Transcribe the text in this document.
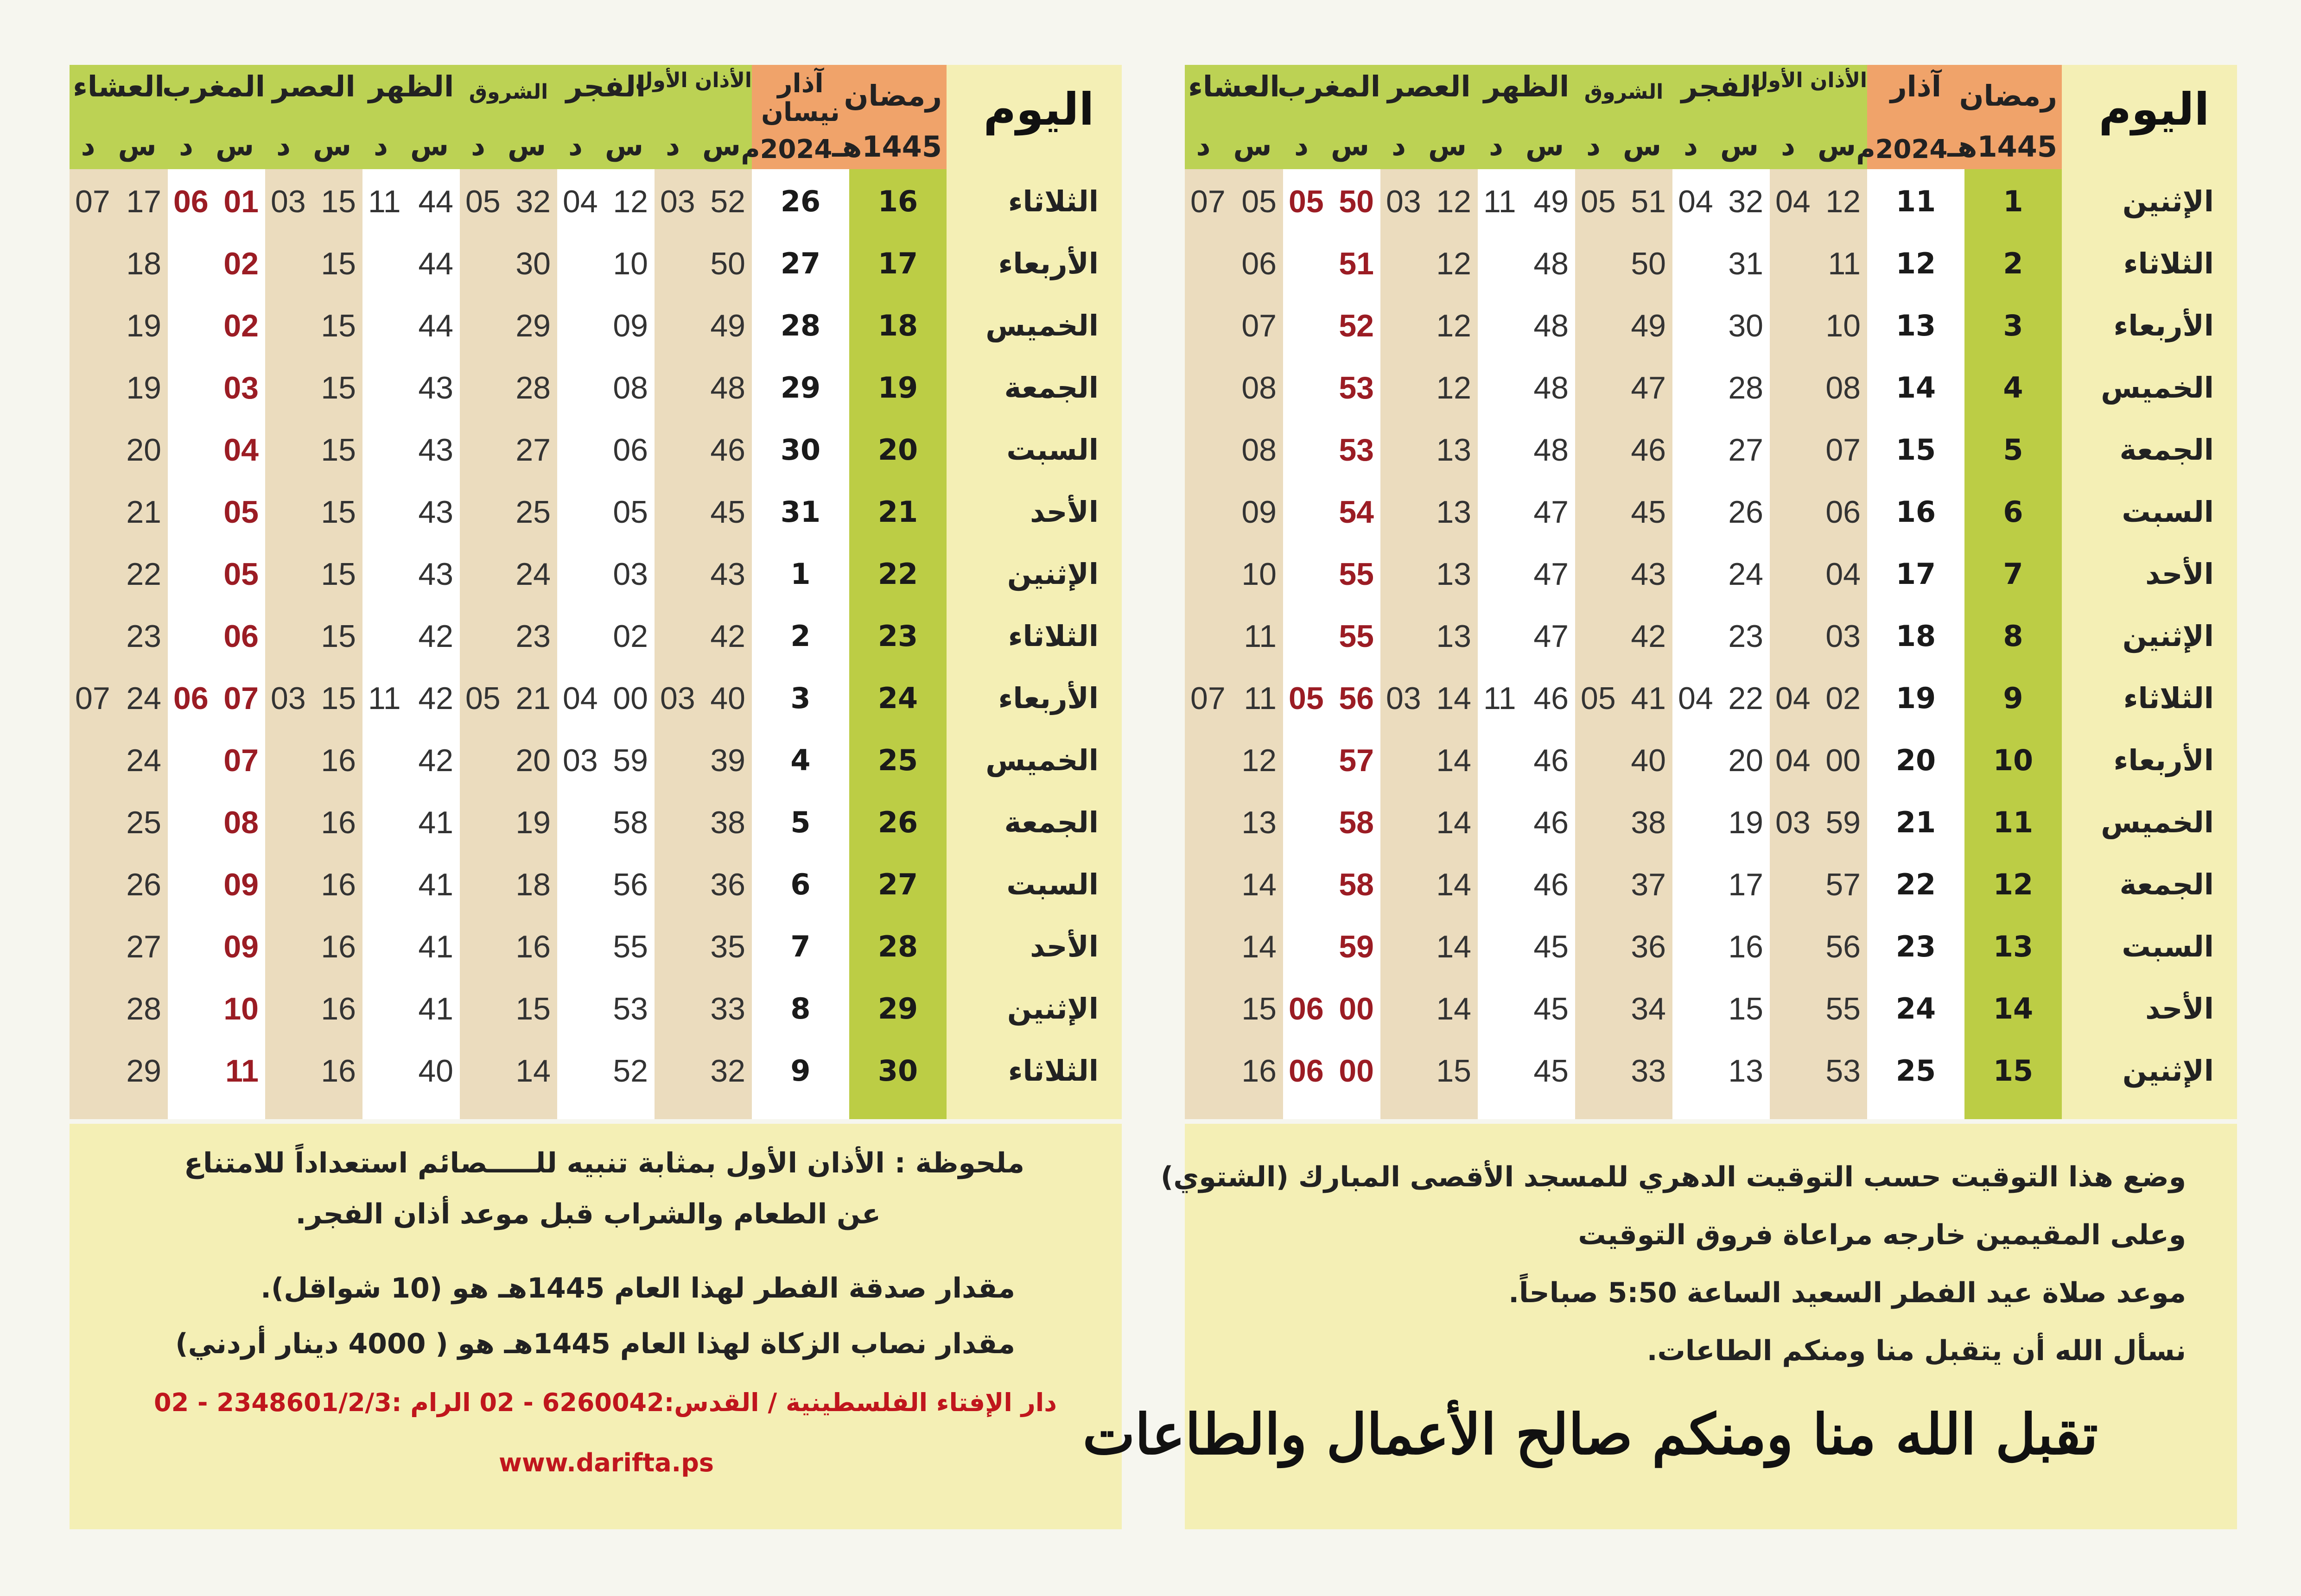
العشاء
د س
07 17
18
19
19
20
21
22
23
07 24
24
25
26
27
28
29
المغرب
د س
06 01
02
02
03
04
05
05
06
06 07
07
08
09
09
10
11
العصر
د س
03 15
15
15
15
15
15
15
15
03 15
16
16
16
16
16
16
الظهر
د س
11 44
44
44
43
43
43
43
42
11 42
42
41
41
41
41
40
الشروق
د س
05 32
30
29
28
27
25
24
23
05 21
20
19
18
16
15
14
الفجر
د س
04 12
10
09
08
06
05
03
02
04 00
03 59
58
56
55
53
52
الأذان الأول
د س
03 52
50
49
48
46
45
43
42
03 40
39
38
36
35
33
32
آذار نيسان
2024م
26
27
28
29
30
31
1
2
3
4
5
6
7
8
9
رمضان
1445هـ
16
17
18
19
20
21
22
23
24
25
26
27
28
29
30
اليوم
الثلاثاء
الأربعاء
الخميس
الجمعة
السبت
الأحد
الإثنين
الثلاثاء
الأربعاء
الخميس
الجمعة
السبت
الأحد
الإثنين
الثلاثاء
ملحوظة : الأذان الأول بمثابة تنبيه للـــــصائم استعداداً للامتناع
عن الطعام والشراب قبل موعد أذان الفجر.
مقدار صدقة الفطر لهذا العام 1445هـ هو (10 شواقل).
مقدار نصاب الزكاة لهذا العام 1445هـ هو ( 4000 دينار أردني)
دار الإفتاء الفلسطينية / القدس:6260042 - 02 الرام :2348601/2/3 - 02
www.darifta.ps
العشاء
د س
07 05
06
07
08
08
09
10
11
07 11
12
13
14
14
15
16
المغرب
د س
05 50
51
52
53
53
54
55
55
05 56
57
58
58
59
06 00
06 00
العصر
د س
03 12
12
12
12
13
13
13
13
03 14
14
14
14
14
14
15
الظهر
د س
11 49
48
48
48
48
47
47
47
11 46
46
46
46
45
45
45
الشروق
د س
05 51
50
49
47
46
45
43
42
05 41
40
38
37
36
34
33
الفجر
د س
04 32
31
30
28
27
26
24
23
04 22
20
19
17
16
15
13
الأذان الأول
د س
04 12
11
10
08
07
06
04
03
04 02
04 00
03 59
57
56
55
53
آذار
2024م
11
12
13
14
15
16
17
18
19
20
21
22
23
24
25
رمضان
1445هـ
1
2
3
4
5
6
7
8
9
10
11
12
13
14
15
اليوم
الإثنين
الثلاثاء
الأربعاء
الخميس
الجمعة
السبت
الأحد
الإثنين
الثلاثاء
الأربعاء
الخميس
الجمعة
السبت
الأحد
الإثنين
وضع هذا التوقيت حسب التوقيت الدهري للمسجد الأقصى المبارك (الشتوي)
وعلى المقيمين خارجه مراعاة فروق التوقيت
موعد صلاة عيد الفطر السعيد الساعة 5:50 صباحاً.
نسأل الله أن يتقبل منا ومنكم الطاعات.
تقبل الله منا ومنكم صالح الأعمال والطاعات
